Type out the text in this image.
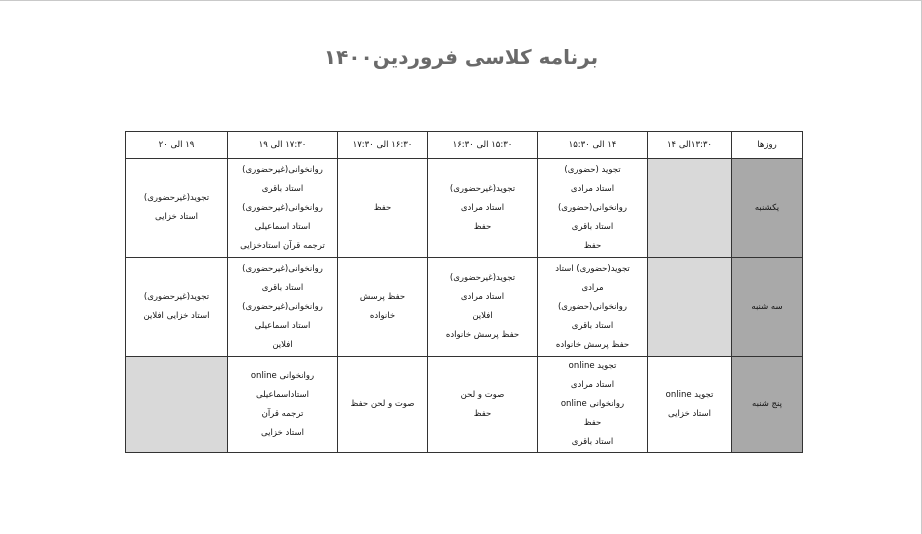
برنامه کلاسی فروردین۱۴۰۰
روزها	۱۳:۳۰الی ۱۴	۱۴ الی ۱۵:۳۰	۱۵:۳۰ الی ۱۶:۳۰	۱۶:۳۰ الی ۱۷:۳۰	۱۷:۳۰ الی ۱۹	۱۹ الی ۲۰
یکشنبه		تجوید (حضوری)
استاد مرادی
روانخوانی(حضوری)
استاد باقری
حفظ	تجوید(غیرحضوری)
استاد مرادی
حفظ	حفظ	روانخوانی(غیرحضوری)
استاد باقری
روانخوانی(غیرحضوری)
استاد اسماعیلی
ترجمه قرآن استادخزایی	تجوید(غیرحضوری)
استاد خزایی

سه شنبه		تجوید(حضوری) استاد
مرادی
روانخوانی(حضوری)
استاد باقری
حفظ پرسش خانواده	تجوید(غیرحضوری)
استاد مرادی
افلاین
حفظ پرسش خانواده	حفظ پرسش
خانواده	روانخوانی(غیرحضوری)
استاد باقری
روانخوانی(غیرحضوری)
استاد اسماعیلی
افلاین	تجوید(غیرحضوری)
استاد خزایی افلاین

پنج شنبه	تجوید online
استاد خزایی	تجوید online
استاد مرادی
روانخوانی online
حفظ
استاد باقری	صوت و لحن
حفظ	صوت و لحن حفظ	روانخوانی online
استاداسماعیلی
ترجمه قرآن
استاد خزایی	
